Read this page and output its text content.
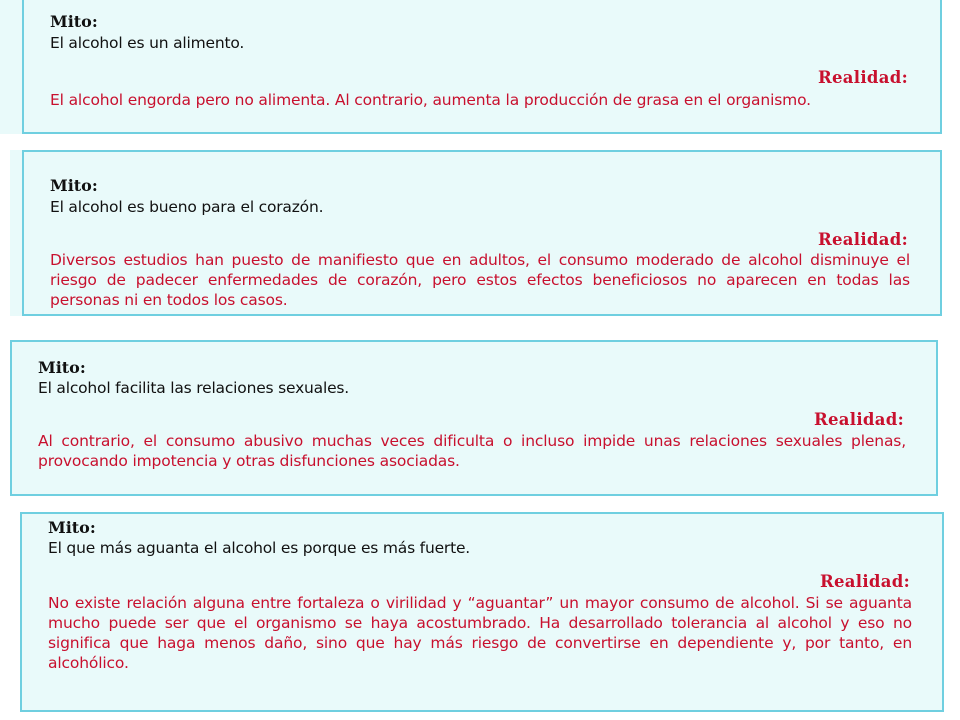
Mito:
El alcohol es un alimento.
Realidad:
El alcohol engorda pero no alimenta. Al contrario, aumenta la producción de grasa en el organismo.
Mito:
El alcohol es bueno para el corazón.
Realidad:
Diversos estudios han puesto de manifiesto que en adultos, el consumo moderado de alcohol disminuye el riesgo de padecer enfermedades de corazón, pero estos efectos beneficiosos no aparecen en todas las personas ni en todos los casos.
Mito:
El alcohol facilita las relaciones sexuales.
Realidad:
Al contrario, el consumo abusivo muchas veces dificulta o incluso impide unas relaciones sexuales plenas, provocando impotencia y otras disfunciones asociadas.
Mito:
El que más aguanta el alcohol es porque es más fuerte.
Realidad:
No existe relación alguna entre fortaleza o virilidad y “aguantar” un mayor consumo de alcohol. Si se aguanta mucho puede ser que el organismo se haya acostumbrado. Ha desarrollado tolerancia al alcohol y eso no significa que haga menos daño, sino que hay más riesgo de convertirse en dependiente y, por tanto, en alcohólico.
